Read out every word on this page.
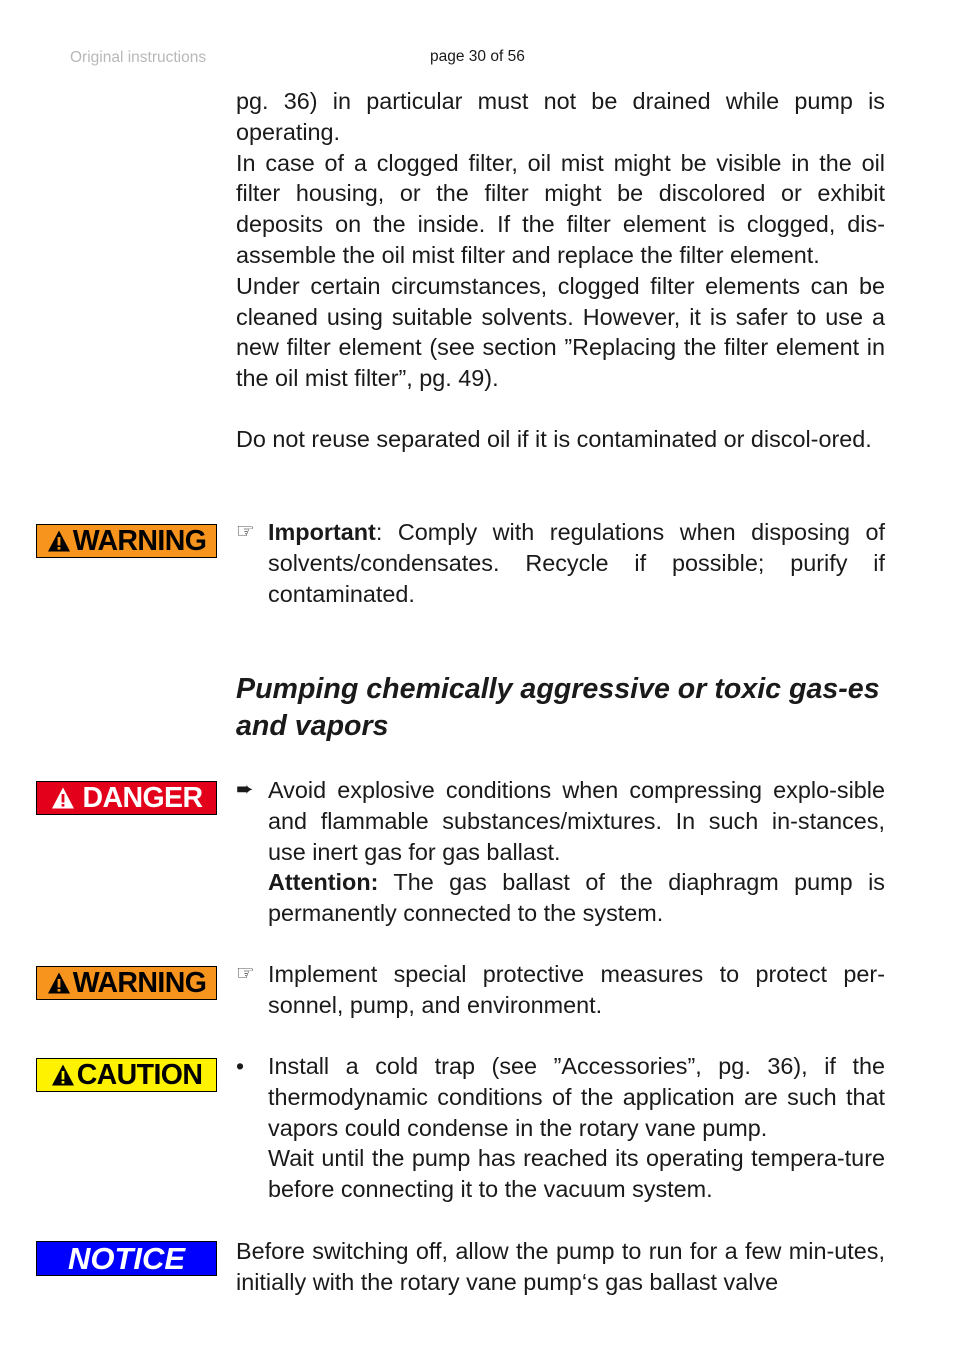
Original instructions	page 30 of 56

pg. 36) in particular must not be drained while pump is operating.

In case of a clogged filter, oil mist might be visible in the oil filter housing, or the filter might be discolored or exhibit deposits on the inside. If the filter element is clogged, dis-assemble the oil mist filter and replace the filter element.

Under certain circumstances, clogged filter elements can be cleaned using suitable solvents. However, it is safer to use a new filter element (see section ”Replacing the filter element in the oil mist filter”, pg. 49).

Do not reuse separated oil if it is contaminated or discol-ored.

WARNING ☞ Important: Comply with regulations when disposing of solvents/condensates. Recycle if possible; purify if contaminated.
Pumping chemically aggressive or toxic gas-es and vapors
DANGER ➨ Avoid explosive conditions when compressing explo-sible and flammable substances/mixtures. In such in-stances, use inert gas for gas ballast.

Attention: The gas ballast of the diaphragm pump is permanently connected to the system.

WARNING ☞ Implement special protective measures to protect per-sonnel, pump, and environment.

CAUTION •	Install a cold trap (see ”Accessories”, pg. 36), if the thermodynamic conditions of the application are such that vapors could condense in the rotary vane pump.

Wait until the pump has reached its operating tempera-ture before connecting it to the vacuum system.

NOTICE Before switching off, allow the pump to run for a few min-utes, initially with the rotary vane pump‘s gas ballast valve
